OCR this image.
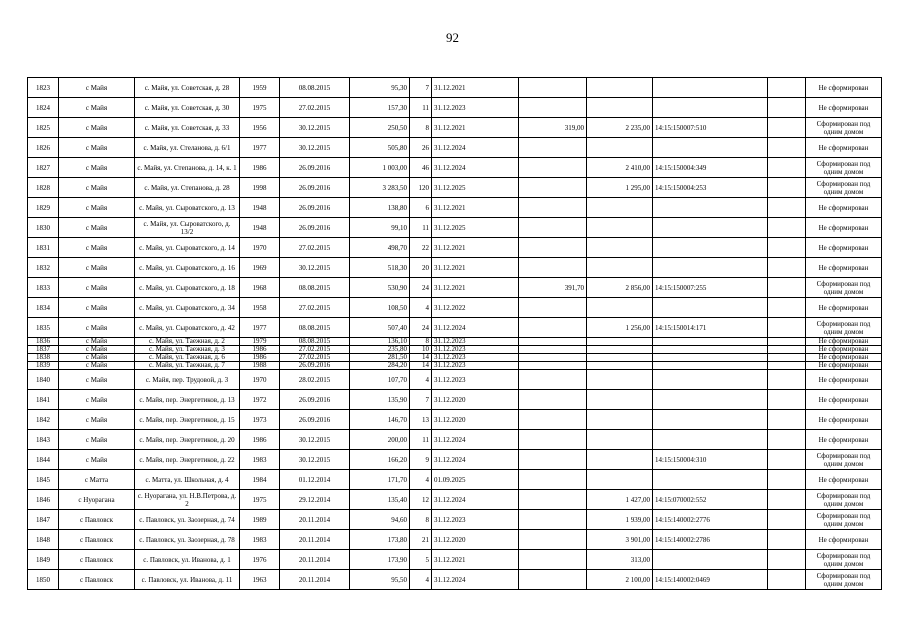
92
1823	с Майя	с. Майя, ул. Советская, д. 28	1959	08.08.2015	95,30	7	31.12.2021					Не сформирован
1824	с Майя	с. Майя, ул. Советская, д. 30	1975	27.02.2015	157,30	11	31.12.2023					Не сформирован
1825	с Майя	с. Майя, ул. Советская, д. 33	1956	30.12.2015	250,50	8	31.12.2021	319,00	2 235,00	14:15:150007:510		Сформирован под одним домом
1826	с Майя	с. Майя, ул. Стеланова, д. 6/1	1977	30.12.2015	505,80	26	31.12.2024					Не сформирован
1827	с Майя	с. Майя, ул. Степанова, д. 14, к. 1	1986	26.09.2016	1 003,00	46	31.12.2024		2 410,00	14:15:150004:349		Сформирован под одним домом
1828	с Майя	с. Майя, ул. Степанова, д. 28	1998	26.09.2016	3 283,50	120	31.12.2025		1 295,00	14:15:150004:253		Сформирован под одним домом
1829	с Майя	с. Майя, ул. Сыроватского, д. 13	1948	26.09.2016	138,80	6	31.12.2021					Не сформирован
1830	с Майя	с. Майя, ул. Сыроватского, д. 13/2	1948	26.09.2016	99,10	11	31.12.2025					Не сформирован
1831	с Майя	с. Майя, ул. Сыроватского, д. 14	1970	27.02.2015	498,70	22	31.12.2021					Не сформирован
1832	с Майя	с. Майя, ул. Сыроватского, д. 16	1969	30.12.2015	518,30	20	31.12.2021					Не сформирован
1833	с Майя	с. Майя, ул. Сыроватского, д. 18	1968	08.08.2015	530,90	24	31.12.2021	391,70	2 856,00	14:15:150007:255		Сформирован под одним домом
1834	с Майя	с. Майя, ул. Сыроватского, д. 34	1958	27.02.2015	108,50	4	31.12.2022					Не сформирован
1835	с Майя	с. Майя, ул. Сыроватского, д. 42	1977	08.08.2015	507,40	24	31.12.2024		1 256,00	14:15:150014:171		Сформирован под одним домом
1836	с Майя	с. Майя, ул. Таежная, д. 2	1979	08.08.2015	136,10	8	31.12.2023					Не сформирован
1837	с Майя	с. Майя, ул. Таежная, д. 3	1986	27.02.2015	235,80	10	31.12.2023					Не сформирован
1838	с Майя	с. Майя, ул. Таежная, д. 6	1986	27.02.2015	281,50	14	31.12.2023					Не сформирован
1839	с Майя	с. Майя, ул. Таежная, д. 7	1988	26.09.2016	284,20	14	31.12.2023					Не сформирован
1840	с Майя	с. Майя, пер. Трудовой, д. 3	1970	28.02.2015	107,70	4	31.12.2023					Не сформирован
1841	с Майя	с. Майя, пер. Энергетиков, д. 13	1972	26.09.2016	135,90	7	31.12.2020					Не сформирован
1842	с Майя	с. Майя, пер. Энергетиков, д. 15	1973	26.09.2016	146,70	13	31.12.2020					Не сформирован
1843	с Майя	с. Майя, пер. Энергетиков, д. 20	1986	30.12.2015	200,00	11	31.12.2024					Не сформирован
1844	с Майя	с. Майя, пер. Энергетиков, д. 22	1983	30.12.2015	166,20	9	31.12.2024			14:15:150004:310		Сформирован под одним домом
1845	с Матта	с. Матта, ул. Школьная, д. 4	1984	01.12.2014	171,70	4	01.09.2025					Не сформирован
1846	с Нуорагана	с. Нуорагана, ул. Н.В.Петрова, д. 2	1975	29.12.2014	135,40	12	31.12.2024		1 427,00	14:15:070002:552		Сформирован под одним домом
1847	с Павловск	с. Павловск, ул. Заозерная, д. 74	1989	20.11.2014	94,60	8	31.12.2023		1 939,00	14:15:140002:2776		Сформирован под одним домом
1848	с Павловск	с. Павловск, ул. Заозерная, д. 78	1983	20.11.2014	173,80	21	31.12.2020		3 901,00	14:15:140002:2786		Не сформирован
1849	с Павловск	с. Павловск, ул. Иванова, д. 1	1976	20.11.2014	173,90	5	31.12.2021		313,00			Сформирован под одним домом
1850	с Павловск	с. Павловск, ул. Иванова, д. 11	1963	20.11.2014	95,50	4	31.12.2024		2 100,00	14:15:140002:0469		Сформирован под одним домом
